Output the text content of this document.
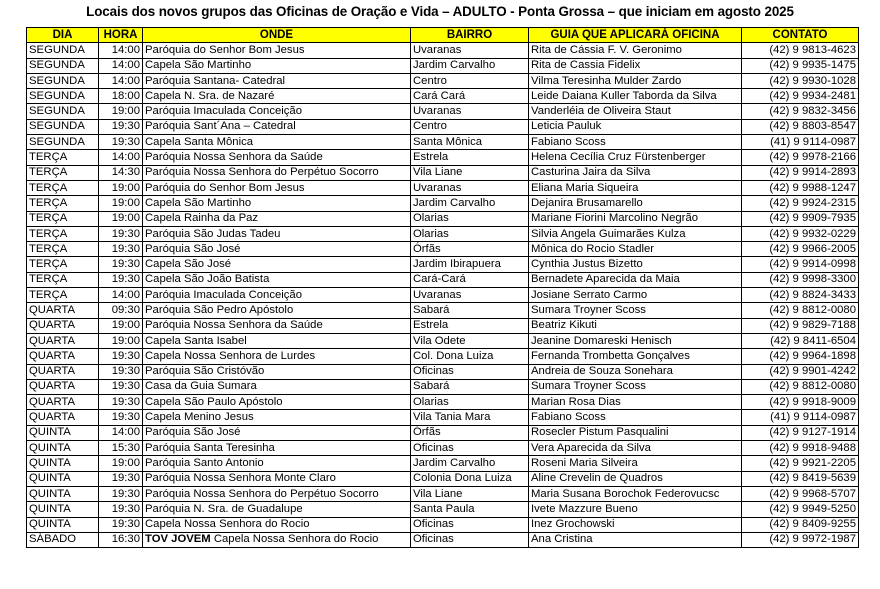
Locais dos novos grupos das Oficinas de Oração e Vida – ADULTO - Ponta Grossa – que iniciam em agosto 2025
DIA	HORA	ONDE	BAIRRO	GUIA QUE APLICARÁ OFICINA	CONTATO
SEGUNDA	14:00	Paróquia do Senhor Bom Jesus	Uvaranas	Rita de Cássia F. V. Geronimo	(42) 9 9813-4623
SEGUNDA	14:00	Capela São Martinho	Jardim Carvalho	Rita de Cassia Fidelix	(42) 9 9935-1475
SEGUNDA	14:00	Paróquia Santana- Catedral	Centro	Vilma Teresinha Mulder Zardo	(42) 9 9930-1028
SEGUNDA	18:00	Capela N. Sra. de Nazaré	Cará Cará	Leide Daiana Kuller Taborda da Silva	(42) 9 9934-2481
SEGUNDA	19:00	Paróquia Imaculada Conceição	Uvaranas	Vanderléia de Oliveira Staut	(42) 9 9832-3456
SEGUNDA	19:30	Paróquia Sant´Ana – Catedral	Centro	Leticia Pauluk	(42) 9 8803-8547
SEGUNDA	19:30	Capela Santa Mônica	Santa Mônica	Fabiano Scoss	(41) 9 9114-0987
TERÇA	14:00	Paróquia Nossa Senhora da Saúde	Estrela	Helena Cecília Cruz Fürstenberger	(42) 9 9978-2166
TERÇA	14:30	Paróquia Nossa Senhora do Perpétuo Socorro	Vila Liane	Casturina Jaira da Silva	(42) 9 9914-2893
TERÇA	19:00	Paróquia do Senhor Bom Jesus	Uvaranas	Eliana Maria Siqueira	(42) 9 9988-1247
TERÇA	19:00	Capela São Martinho	Jardim Carvalho	Dejanira Brusamarello	(42) 9 9924-2315
TERÇA	19:00	Capela Rainha da Paz	Olarias	Mariane Fiorini Marcolino Negrão	(42) 9 9909-7935
TERÇA	19:30	Paróquia São Judas Tadeu	Olarias	Silvia Angela Guimarães Kulza	(42) 9 9932-0229
TERÇA	19:30	Paróquia São José	Órfãs	Mônica do Rocio Stadler	(42) 9 9966-2005
TERÇA	19:30	Capela São José	Jardim Ibirapuera	Cynthia Justus Bizetto	(42) 9 9914-0998
TERÇA	19:30	Capela São João Batista	Cará-Cará	Bernadete Aparecida da Maia	(42) 9 9998-3300
TERÇA	14:00	Paróquia Imaculada Conceição	Uvaranas	Josiane Serrato Carmo	(42) 9 8824-3433
QUARTA	09:30	Paróquia São Pedro Apóstolo	Sabará	Sumara Troyner Scoss	(42) 9 8812-0080
QUARTA	19:00	Paróquia Nossa Senhora da Saúde	Estrela	Beatriz Kikuti	(42) 9 9829-7188
QUARTA	19:00	Capela Santa Isabel	Vila Odete	Jeanine Domareski Henisch	(42) 9 8411-6504
QUARTA	19:30	Capela Nossa Senhora de Lurdes	Col. Dona Luiza	Fernanda Trombetta Gonçalves	(42) 9 9964-1898
QUARTA	19:30	Paróquia São Cristóvão	Oficinas	Andreia de Souza Sonehara	(42) 9 9901-4242
QUARTA	19:30	Casa da Guia Sumara	Sabará	Sumara Troyner Scoss	(42) 9 8812-0080
QUARTA	19:30	Capela São Paulo Apóstolo	Olarias	Marian Rosa Dias	(42) 9 9918-9009
QUARTA	19:30	Capela Menino Jesus	Vila Tania Mara	Fabiano Scoss	(41) 9 9114-0987
QUINTA	14:00	Paróquia São José	Órfãs	Rosecler Pistum Pasqualini	(42) 9 9127-1914
QUINTA	15:30	Paróquia Santa Teresinha	Oficinas	Vera Aparecida da Silva	(42) 9 9918-9488
QUINTA	19:00	Paróquia Santo Antonio	Jardim Carvalho	Roseni Maria Silveira	(42) 9 9921-2205
QUINTA	19:30	Paróquia Nossa Senhora Monte Claro	Colonia Dona Luiza	Aline Crevelin de Quadros	(42) 9 8419-5639
QUINTA	19:30	Paróquia Nossa Senhora do Perpétuo Socorro	Vila Liane	Maria Susana Borochok Federovucsc	(42) 9 9968-5707
QUINTA	19:30	Paróquia N. Sra. de Guadalupe	Santa Paula	Ivete Mazzure Bueno	(42) 9 9949-5250
QUINTA	19:30	Capela Nossa Senhora do Rocio	Oficinas	Inez Grochowski	(42) 9 8409-9255
SÁBADO	16:30	TOV JOVEM Capela Nossa Senhora do Rocio	Oficinas	Ana Cristina	(42) 9 9972-1987
